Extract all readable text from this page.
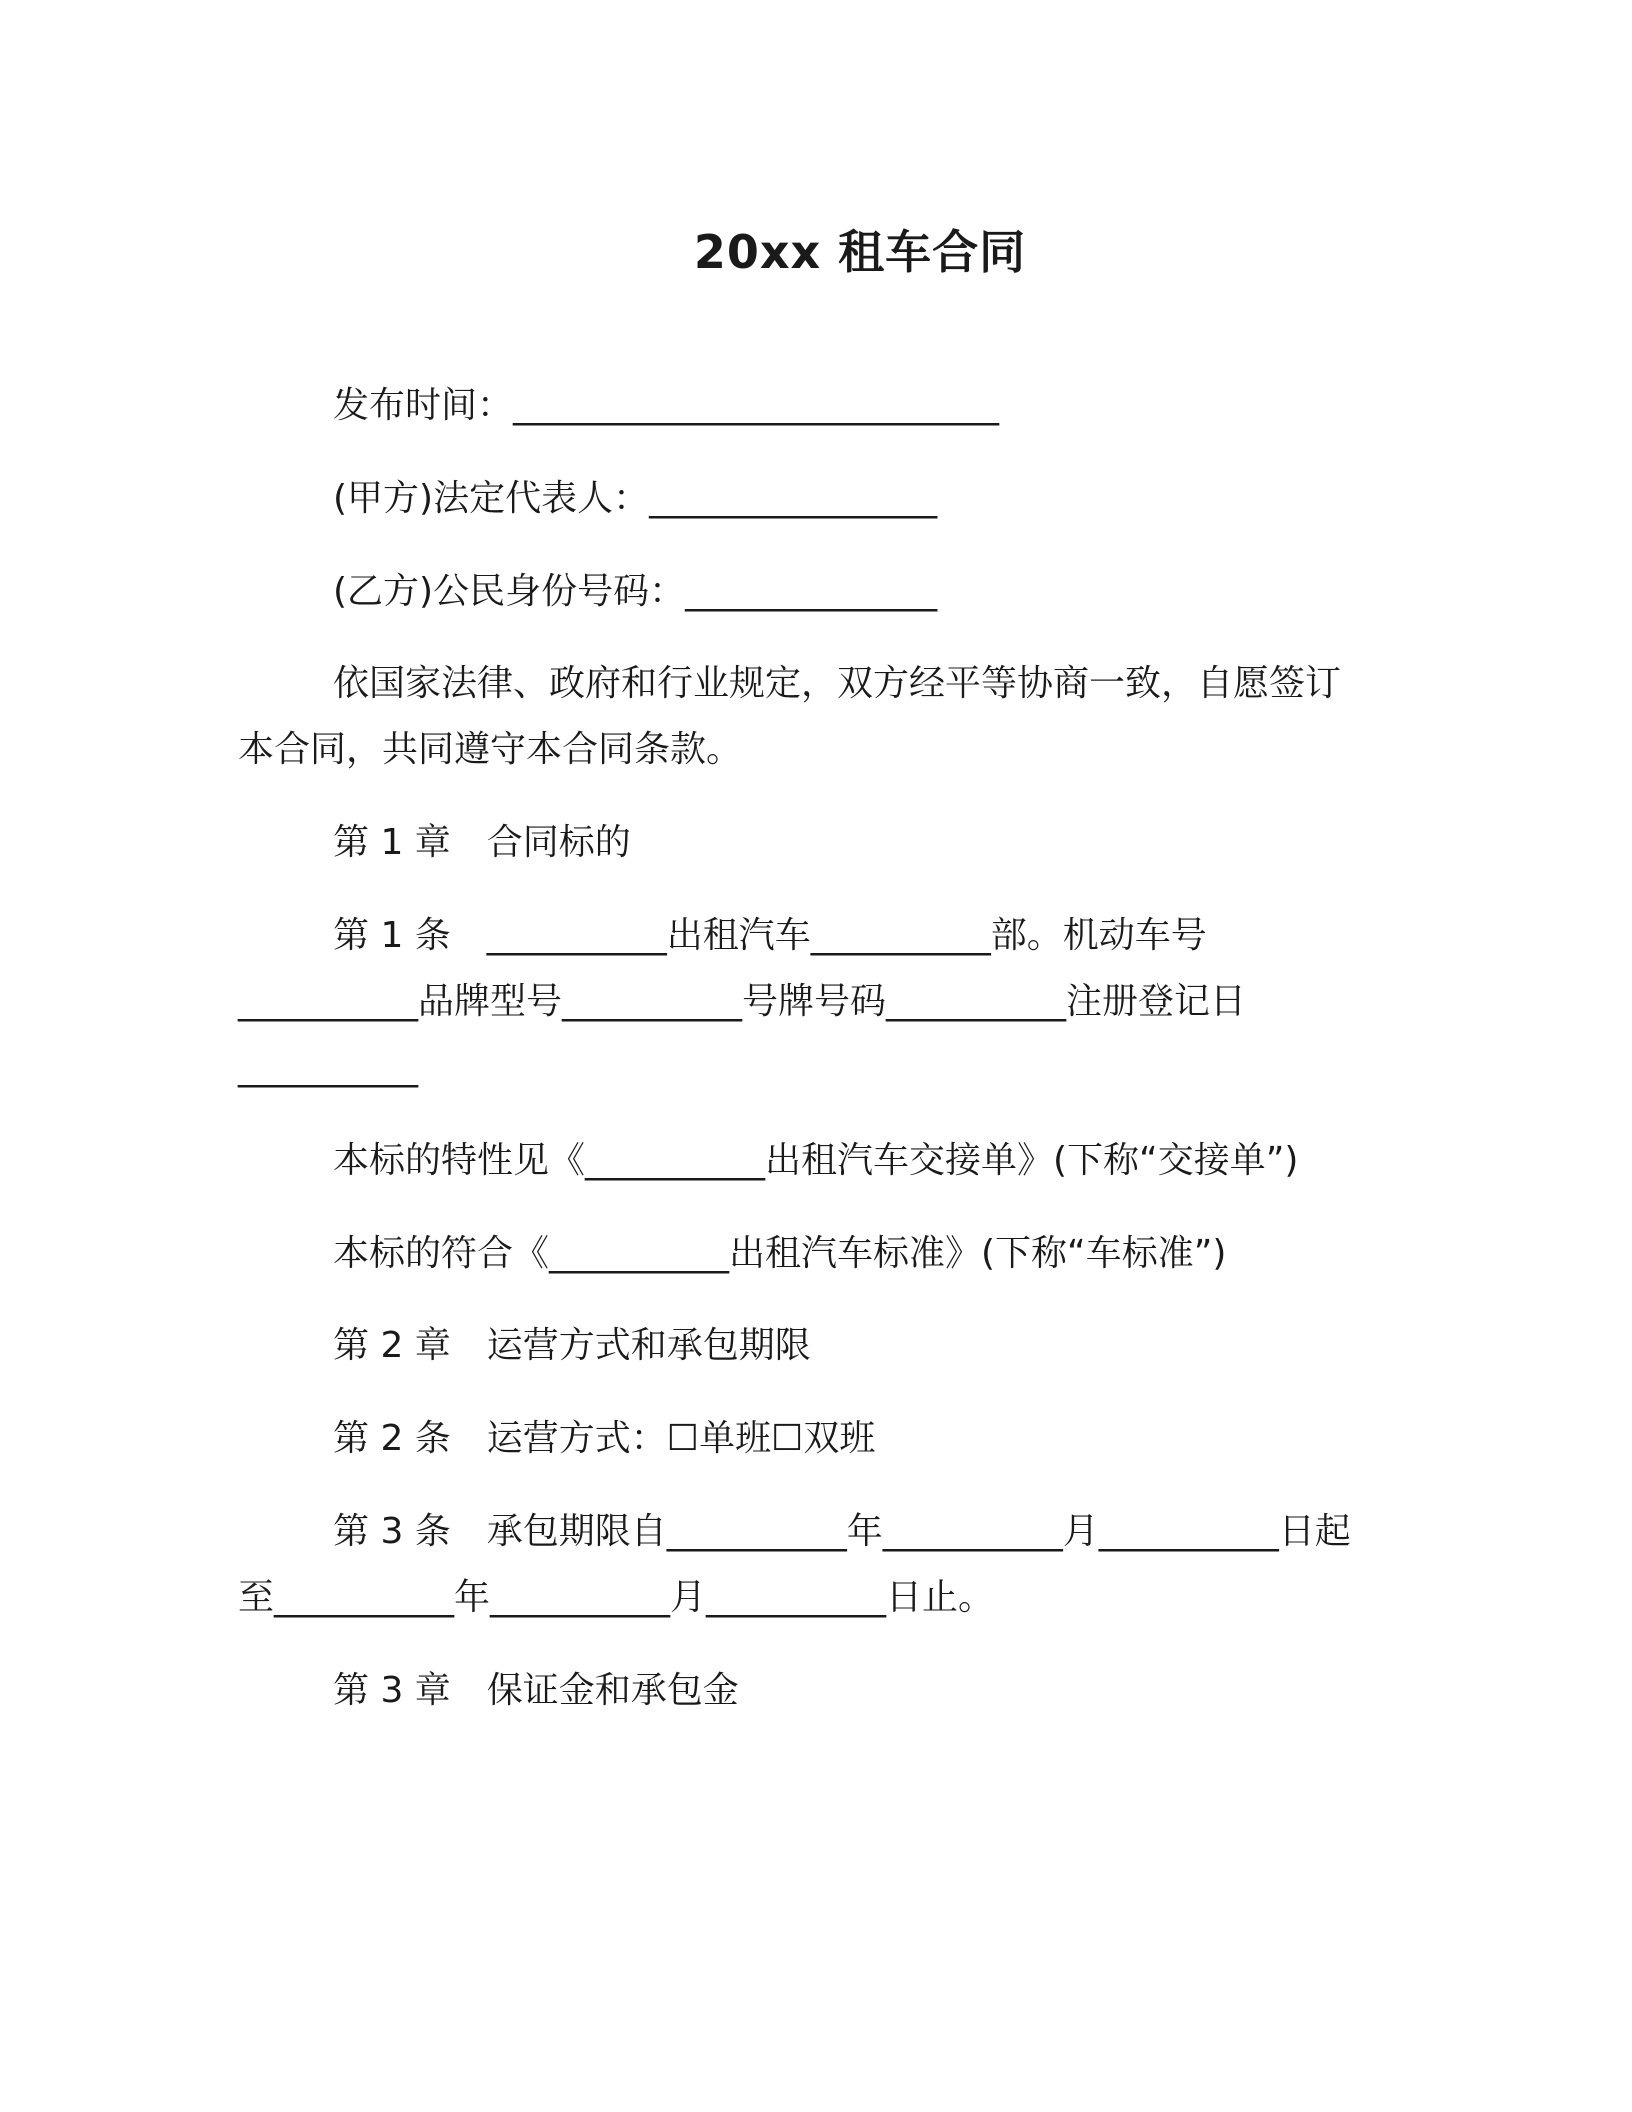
20xx 租车合同
发布时间：___________________________
(甲方)法定代表人：________________
(乙方)公民身份号码：______________
依国家法律、政府和行业规定，双方经平等协商一致，自愿签订
本合同，共同遵守本合同条款。
第 1 章　合同标的
第 1 条　__________出租汽车__________部。机动车号
__________品牌型号__________号牌号码__________注册登记日
__________
本标的特性见《__________出租汽车交接单》(下称“交接单”)
本标的符合《__________出租汽车标准》(下称“车标准”)
第 2 章　运营方式和承包期限
第 2 条　运营方式：☐单班☐双班
第 3 条　承包期限自__________年__________月__________日起
至__________年__________月__________日止。
第 3 章　保证金和承包金
